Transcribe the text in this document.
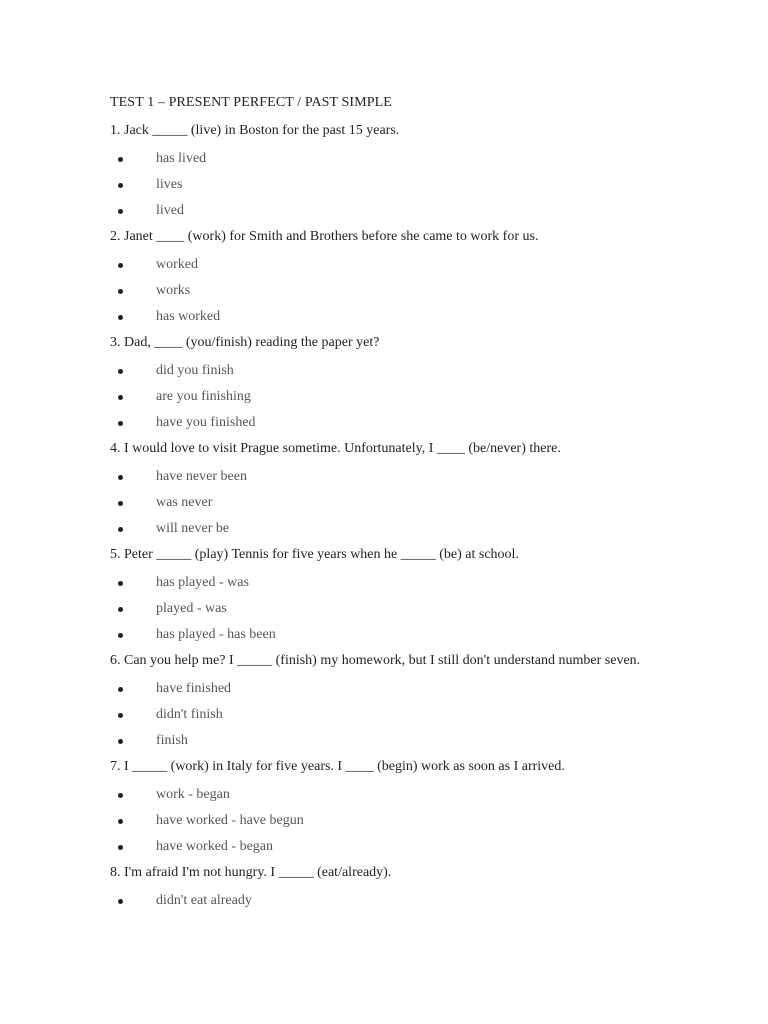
TEST 1 – PRESENT PERFECT / PAST SIMPLE
1. Jack _____ (live) in Boston for the past 15 years.
has lived
lives
lived
2. Janet ____ (work) for Smith and Brothers before she came to work for us.
worked
works
has worked
3. Dad, ____ (you/finish) reading the paper yet?
did you finish
are you finishing
have you finished
4. I would love to visit Prague sometime. Unfortunately, I ____ (be/never) there.
have never been
was never
will never be
5. Peter _____ (play) Tennis for five years when he _____ (be) at school.
has played - was
played - was
has played - has been
6. Can you help me? I _____ (finish) my homework, but I still don't understand number seven.
have finished
didn't finish
finish
7. I _____ (work) in Italy for five years. I ____ (begin) work as soon as I arrived.
work - began
have worked - have begun
have worked - began
8. I'm afraid I'm not hungry. I _____ (eat/already).
didn't eat already
